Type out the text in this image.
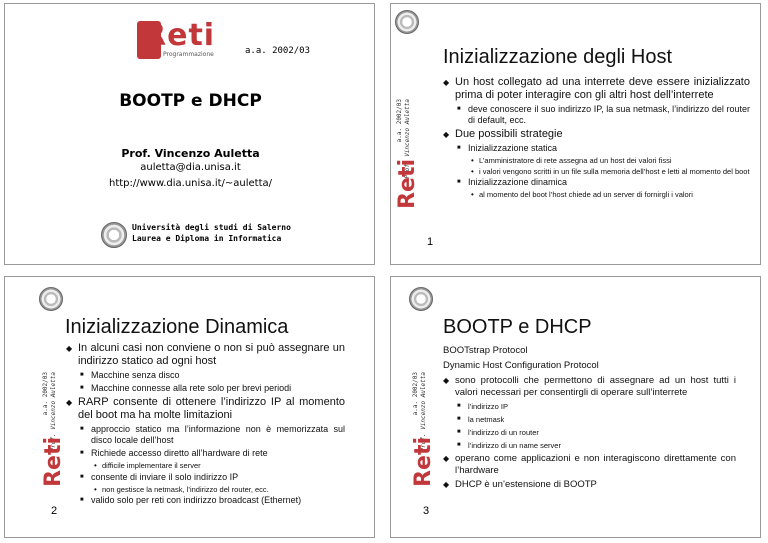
Reti
Programmazione	a.a. 2002/03
BOOTP e DHCP
Prof. Vincenzo Auletta
auletta@dia.unisa.it
http://www.dia.unisa.it/~auletta/
Università degli studi di Salerno
Laurea e Diploma in Informatica
a.a. 2002/03 Prof. Vincenzo Auletta
Reti
Inizializzazione degli Host
1
◆ Un host collegato ad una interrete deve essere inizializzato prima di poter interagire con gli altri host dell’interrete
■ deve conoscere il suo indirizzo IP, la sua netmask, l’indirizzo del router di default, ecc.
◆ Due possibili strategie
■ Inizializzazione statica
• L’amministratore di rete assegna ad un host dei valori fissi
• i valori vengono scritti in un file sulla memoria dell’host e letti al momento del boot
■ Inizializzazione dinamica
• al momento del boot l’host chiede ad un server di fornirgli i valori
a.a. 2002/03 Prof. Vincenzo Auletta
Reti
Inizializzazione Dinamica
2
◆ In alcuni casi non conviene o non si può assegnare un indirizzo statico ad ogni host
■ Macchine senza disco
■ Macchine connesse alla rete solo per brevi periodi
◆ RARP consente di ottenere l’indirizzo IP al momento del boot ma ha molte limitazioni
■ approccio statico ma l’informazione non è memorizzata sul disco locale dell’host
■ Richiede accesso diretto all’hardware di rete
• difficile implementare il server
■ consente di inviare il solo indirizzo IP
• non gestisce la netmask, l’indirizzo del router, ecc.
■ valido solo per reti con indirizzo broadcast (Ethernet)
a.a. 2002/03 Prof. Vincenzo Auletta
Reti
BOOTP e DHCP
3
BOOTstrap Protocol
Dynamic Host Configuration Protocol
◆ sono protocolli che permettono di assegnare ad un host tutti i valori necessari per consentirgli di operare sull’interrete
■ l’indirizzo IP
■ la netmask
■ l’indirizzo di un router
■ l’indirizzo di un name server
◆ operano come applicazioni e non interagiscono direttamente con l’hardware
◆ DHCP è un’estensione di BOOTP
